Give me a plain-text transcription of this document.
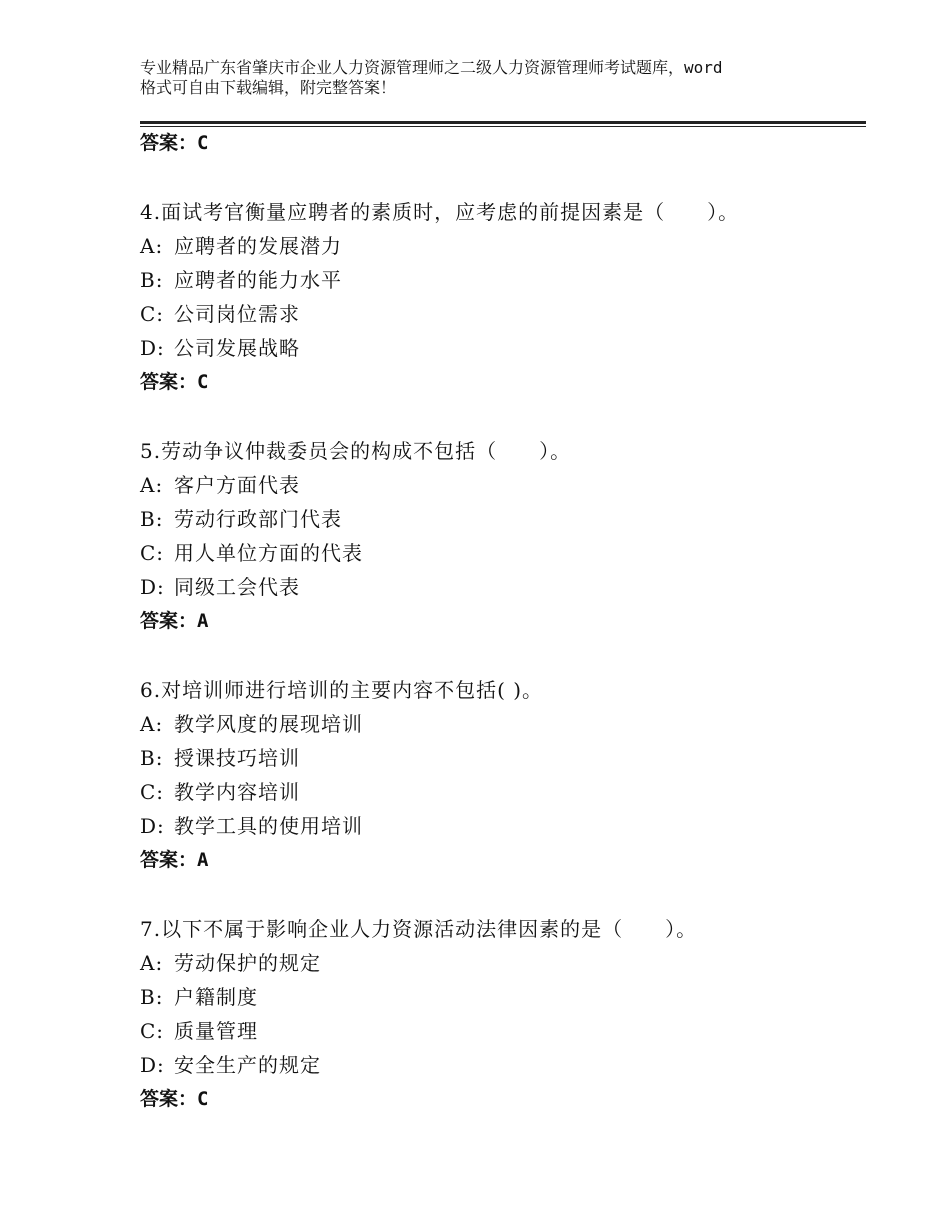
专业精品广东省肇庆市企业人力资源管理师之二级人力资源管理师考试题库，word
格式可自由下载编辑，附完整答案！
答案：C
4.面试考官衡量应聘者的素质时，应考虑的前提因素是（　　）。
A: 应聘者的发展潜力
B: 应聘者的能力水平
C: 公司岗位需求
D: 公司发展战略
答案：C
5.劳动争议仲裁委员会的构成不包括（　　）。
A: 客户方面代表
B: 劳动行政部门代表
C: 用人单位方面的代表
D: 同级工会代表
答案：A
6.对培训师进行培训的主要内容不包括( )。
A: 教学风度的展现培训
B: 授课技巧培训
C: 教学内容培训
D: 教学工具的使用培训
答案：A
7.以下不属于影响企业人力资源活动法律因素的是（　　）。
A: 劳动保护的规定
B: 户籍制度
C: 质量管理
D: 安全生产的规定
答案：C
